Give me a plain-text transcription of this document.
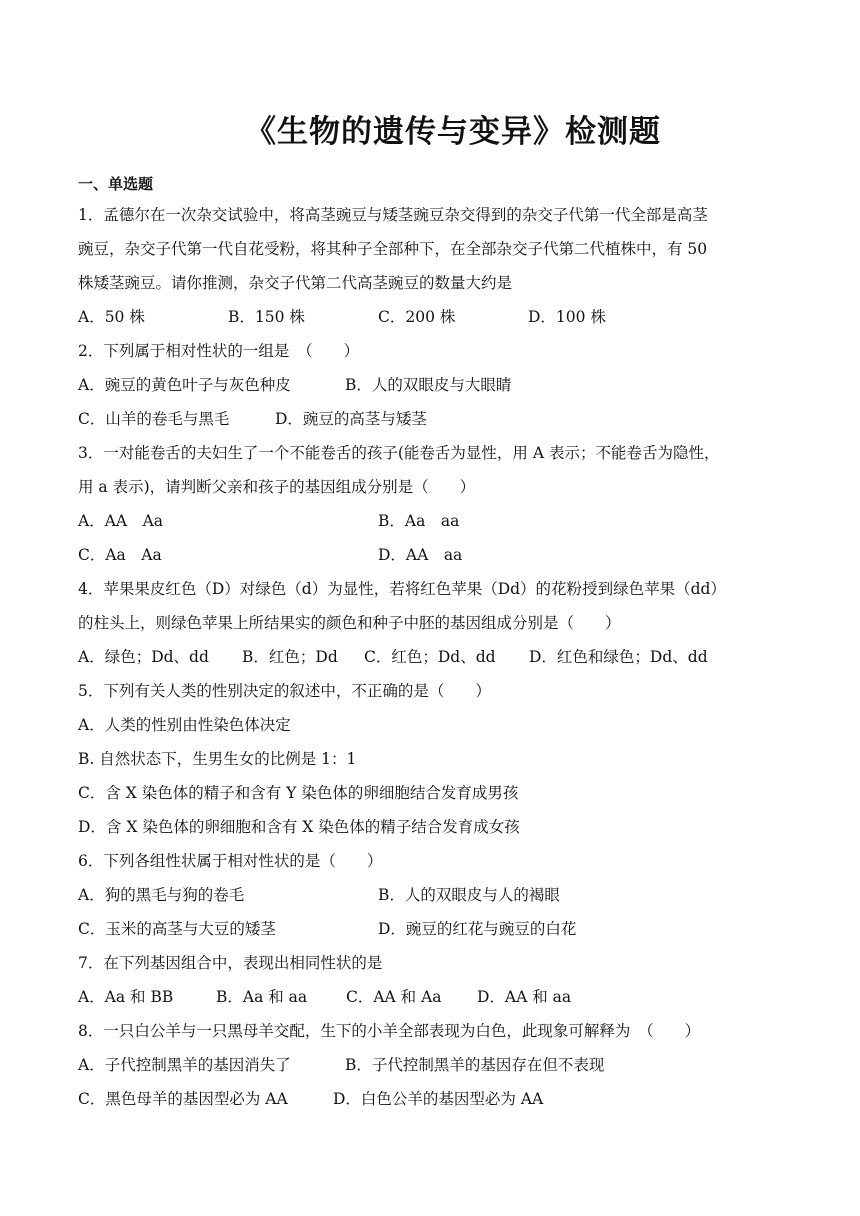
《生物的遗传与变异》检测题
一、单选题
1．孟德尔在一次杂交试验中，将高茎豌豆与矮茎豌豆杂交得到的杂交子代第一代全部是高茎
豌豆，杂交子代第一代自花受粉，将其种子全部种下，在全部杂交子代第二代植株中，有 50
株矮茎豌豆。请你推测，杂交子代第二代高茎豌豆的数量大约是
A．50 株	B．150 株	C．200 株	D．100 株
2．下列属于相对性状的一组是　（　　）
A．豌豆的黄色叶子与灰色种皮	B．人的双眼皮与大眼睛
C．山羊的卷毛与黑毛	D．豌豆的高茎与矮茎
3．一对能卷舌的夫妇生了一个不能卷舌的孩子(能卷舌为显性，用 A 表示；不能卷舌为隐性，
用 a 表示)，请判断父亲和孩子的基因组成分别是（　　）
A．AA　Aa	B．Aa　aa
C．Aa　Aa	D．AA　aa
4．苹果果皮红色（D）对绿色（d）为显性，若将红色苹果（Dd）的花粉授到绿色苹果（dd）
的柱头上，则绿色苹果上所结果实的颜色和种子中胚的基因组成分别是（　　）
A．绿色；Dd、dd B．红色；Dd C．红色；Dd、dd D．红色和绿色；Dd、dd
5．下列有关人类的性别决定的叙述中，不正确的是（　　）
A．人类的性别由性染色体决定
B. 自然状态下，生男生女的比例是 1：1
C．含 X 染色体的精子和含有 Y 染色体的卵细胞结合发育成男孩
D．含 X 染色体的卵细胞和含有 X 染色体的精子结合发育成女孩
6．下列各组性状属于相对性状的是（　　）
A．狗的黑毛与狗的卷毛	B．人的双眼皮与人的褐眼
C．玉米的高茎与大豆的矮茎	D．豌豆的红花与豌豆的白花
7．在下列基因组合中，表现出相同性状的是
A．Aa 和 BB	B．Aa 和 aa	C．AA 和 Aa D．AA 和 aa
8．一只白公羊与一只黑母羊交配，生下的小羊全部表现为白色，此现象可解释为　（　　）
A．子代控制黑羊的基因消失了	B．子代控制黑羊的基因存在但不表现
C．黑色母羊的基因型必为 AA	D．白色公羊的基因型必为 AA
